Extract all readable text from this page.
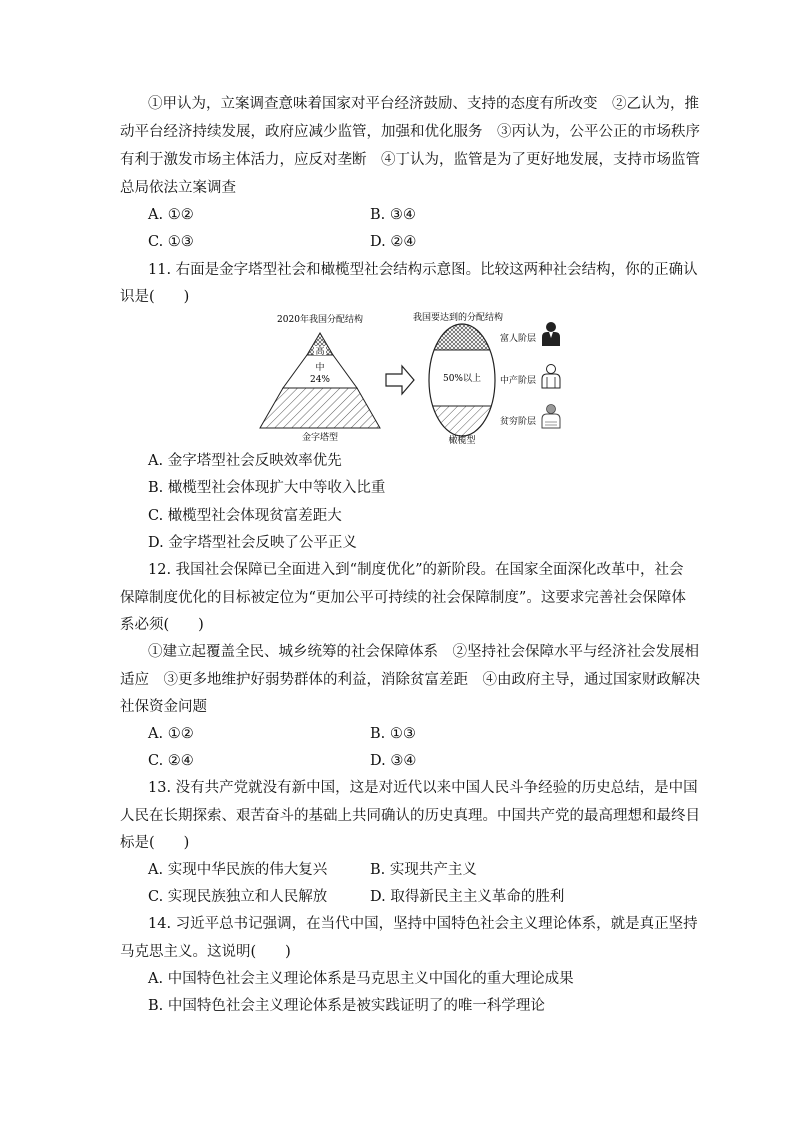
①甲认为，立案调查意味着国家对平台经济鼓励、支持的态度有所改变　②乙认为，推
动平台经济持续发展，政府应减少监管，加强和优化服务　③丙认为，公平公正的市场秩序
有利于激发市场主体活力，应反对垄断　④丁认为，监管是为了更好地发展，支持市场监管
总局依法立案调查
A. ①②	B. ③④
C. ①③	D. ②④
11. 右面是金字塔型社会和橄榄型社会结构示意图。比较这两种社会结构，你的正确认
识是(　　)
2020年我国分配结构
高
中
24%
金字塔型
我国要达到的分配结构
50%以上
橄榄型
富人阶层
中产阶层
贫穷阶层
A. 金字塔型社会反映效率优先
B. 橄榄型社会体现扩大中等收入比重
C. 橄榄型社会体现贫富差距大
D. 金字塔型社会反映了公平正义
12. 我国社会保障已全面进入到“制度优化”的新阶段。在国家全面深化改革中，社会
保障制度优化的目标被定位为“更加公平可持续的社会保障制度”。这要求完善社会保障体
系必须(　　)
①建立起覆盖全民、城乡统筹的社会保障体系　②坚持社会保障水平与经济社会发展相
适应　③更多地维护好弱势群体的利益，消除贫富差距　④由政府主导，通过国家财政解决
社保资金问题
A. ①②	B. ①③
C. ②④	D. ③④
13. 没有共产党就没有新中国，这是对近代以来中国人民斗争经验的历史总结，是中国
人民在长期探索、艰苦奋斗的基础上共同确认的历史真理。中国共产党的最高理想和最终目
标是(　　)
A. 实现中华民族的伟大复兴	B. 实现共产主义
C. 实现民族独立和人民解放	D. 取得新民主主义革命的胜利
14. 习近平总书记强调，在当代中国，坚持中国特色社会主义理论体系，就是真正坚持
马克思主义。这说明(　　)
A. 中国特色社会主义理论体系是马克思主义中国化的重大理论成果
B. 中国特色社会主义理论体系是被实践证明了的唯一科学理论
